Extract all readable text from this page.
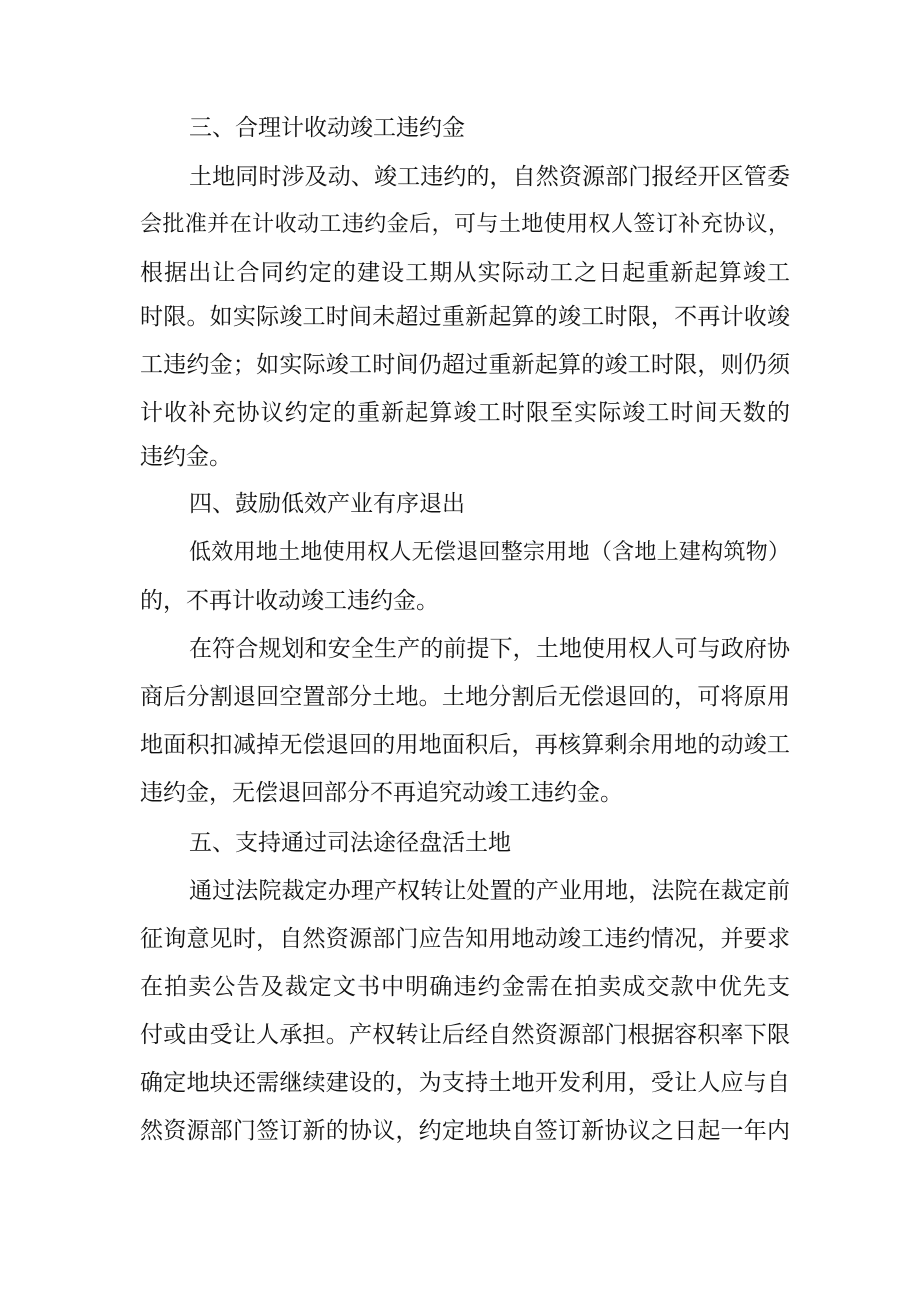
三、合理计收动竣工违约金
土地同时涉及动、竣工违约的，自然资源部门报经开区管委
会批准并在计收动工违约金后，可与土地使用权人签订补充协议，
根据出让合同约定的建设工期从实际动工之日起重新起算竣工
时限。如实际竣工时间未超过重新起算的竣工时限，不再计收竣
工违约金；如实际竣工时间仍超过重新起算的竣工时限，则仍须
计收补充协议约定的重新起算竣工时限至实际竣工时间天数的
违约金。
四、鼓励低效产业有序退出
低效用地土地使用权人无偿退回整宗用地（含地上建构筑物）
的，不再计收动竣工违约金。
在符合规划和安全生产的前提下，土地使用权人可与政府协
商后分割退回空置部分土地。土地分割后无偿退回的，可将原用
地面积扣减掉无偿退回的用地面积后，再核算剩余用地的动竣工
违约金，无偿退回部分不再追究动竣工违约金。
五、支持通过司法途径盘活土地
通过法院裁定办理产权转让处置的产业用地，法院在裁定前
征询意见时，自然资源部门应告知用地动竣工违约情况，并要求
在拍卖公告及裁定文书中明确违约金需在拍卖成交款中优先支
付或由受让人承担。产权转让后经自然资源部门根据容积率下限
确定地块还需继续建设的，为支持土地开发利用，受让人应与自
然资源部门签订新的协议，约定地块自签订新协议之日起一年内
